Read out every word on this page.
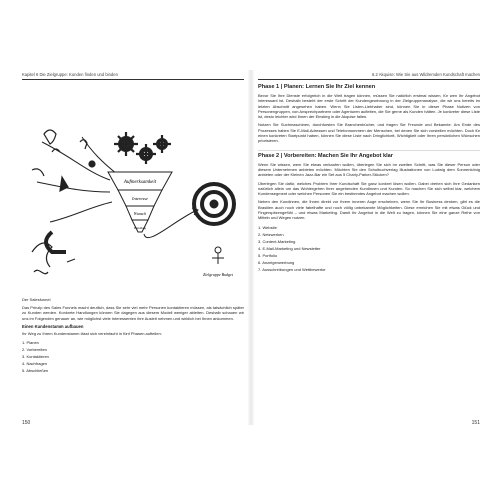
Kapitel 6 Die Zielgruppe: Kunden finden und binden
Aufmerksamkeit
Interesse
Wunsch
Handlung
Zielgruppe Budget
Der Salesfunnel

Das Prinzip des Sales Funnels macht deutlich, dass Sie sehr viel mehr Personen kontaktieren müssen, als tatsächlich später zu Kunden werden. Konkrete Handlungen können Sie dagegen aus diesem Modell weniger ableiten. Deshalb schauen wir uns im Folgenden genauer an, wie möglichst viele Interessenten ihre Ausleit nehmen und wirklich bei Ihnen ankommen.

Einen Kundenstamm aufbauen

Ihr Weg zu Ihrem Kundenstamm lässt sich vereinfacht in fünf Phasen aufteilen:

1. Planen
2. Vorbereiten
3. Kontaktieren
4. Nachfragen
5. Abschließen
150
6.2 Akquise: Wie Sie aus Wildremden Kundschaft machen
Phase 1 | Planen: Lernen Sie Ihr Ziel kennen

Bevor Sie Ihre Dienste erfolgreich in die Welt tragen können, müssen Sie natürlich erstmal wissen, für wen Ihr Angebot interessant ist. Deshalb besteht der erste Schritt der Kundengewinnung in der Zielgruppenanalyse, die wir uns bereits im letzten Abschnitt angesehen haben. Wenn Sie Listen-Liebhaber sind, können Sie in dieser Phase Notizen von Personengruppen, von Ansprechpartnern oder Agenturen aufleiten, die Sie gerne als Kunden hätten. Je konkreter diese Liste ist, desto leichter wird Ihnen der Einstieg in die Akquise fallen.

Nutzen Sie Suchmaschinen, durchforsten Sie Branchenbücher, und fragen Sie Freunde und Bekannte. Am Ende des Prozesses haben Sie E-Mail-Adressen und Telefonnummern der Menschen, bei denen Sie sich vorstellen möchten. Doch für einen konkreten Startpunkt haben, können Sie diese Liste nach Dringlichkeit, Wichtigkeit oder Ihren persönlichen Wünschen priorisieren.

Phase 2 | Vorbereiten: Machen Sie Ihr Angebot klar

Wenn Sie wissen, wem Sie etwas verkaufen wollen, überlegen Sie sich im zweiten Schritt, was Sie dieser Person oder diesem Unternehmen anbieten möchten. Möchten Sie den Schulbuchverlag Illustrationen von Ludwig dem Sonnenkönig anbieten oder der Kleinen Jazz-Bar ein Set aus 5 Charly-Parker-Stücken?

Überlegen Sie dafür, welches Problem Ihrer Kundschaft Sie ganz konkret lösen wollen. Dabei drehen sich Ihre Gedanken natürlich allein um das Wohlergehen Ihrer angehenden Kundinnen und Kunden. So machen Sie sich selbst klar, welchem Kundensegment oder welchen Personen Sie ein bestimmtes Angebot machen wollen.

Neben den Kundinnen, die Ihnen direkt vor Ihrem inneren Auge erscheinen, wenn Sie Ihr Business denken, gibt es die Brasilien auch noch viele fabelhafte und noch völlig unbekannte Möglichkeiten. Diese erreichen Sie mit etwas Glück und Fingerspitzengefühl – und etwas Marketing. Damit Ihr Angebot in die Welt zu tragen, können Sie eine ganze Reihe von Mitteln und Wegen nutzen.

1. Website
2. Netzwerken
3. Content-Marketing
4. E-Mail-Marketing und Newsletter
5. Portfolio
6. Anzeigenwerbung
7. Ausschreibungen und Wettbewerbe
151
